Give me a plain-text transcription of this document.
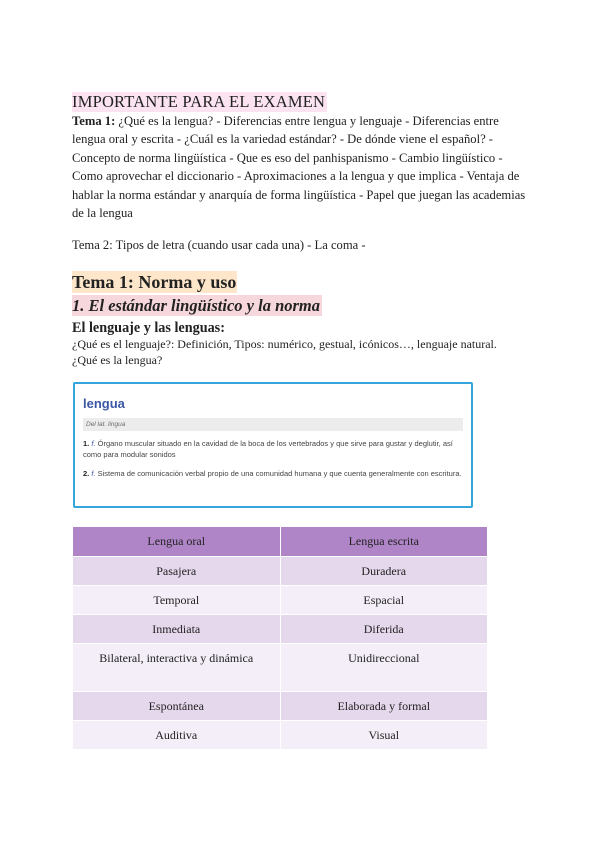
IMPORTANTE PARA EL EXAMEN

Tema 1: ¿Qué es la lengua? - Diferencias entre lengua y lenguaje - Diferencias entre lengua oral y escrita - ¿Cuál es la variedad estándar? - De dónde viene el español? - Concepto de norma lingüística - Que es eso del panhispanismo - Cambio lingüístico - Como aprovechar el diccionario - Aproximaciones a la lengua y que implica - Ventaja de hablar la norma estándar y anarquía de forma lingüística - Papel que juegan las academias de la lengua

Tema 2: Tipos de letra (cuando usar cada una) - La coma -

Tema 1: Norma y uso
1. El estándar lingüístico y la norma

El lenguaje y las lenguas:

¿Qué es el lenguaje?: Definición, Tipos: numérico, gestual, icónicos…, lenguaje natural.

¿Qué es la lengua?

lengua
Del lat. lingua
1. f. Órgano muscular situado en la cavidad de la boca de los vertebrados y que sirve para gustar y deglutir, así como para modular sonidos
2. f. Sistema de comunicación verbal propio de una comunidad humana y que cuenta generalmente con escritura.
Lengua oral	Lengua escrita
Pasajera	Duradera
Temporal	Espacial
Inmediata	Diferida
Bilateral, interactiva y dinámica	Unidireccional
Espontánea	Elaborada y formal
Auditiva	Visual
